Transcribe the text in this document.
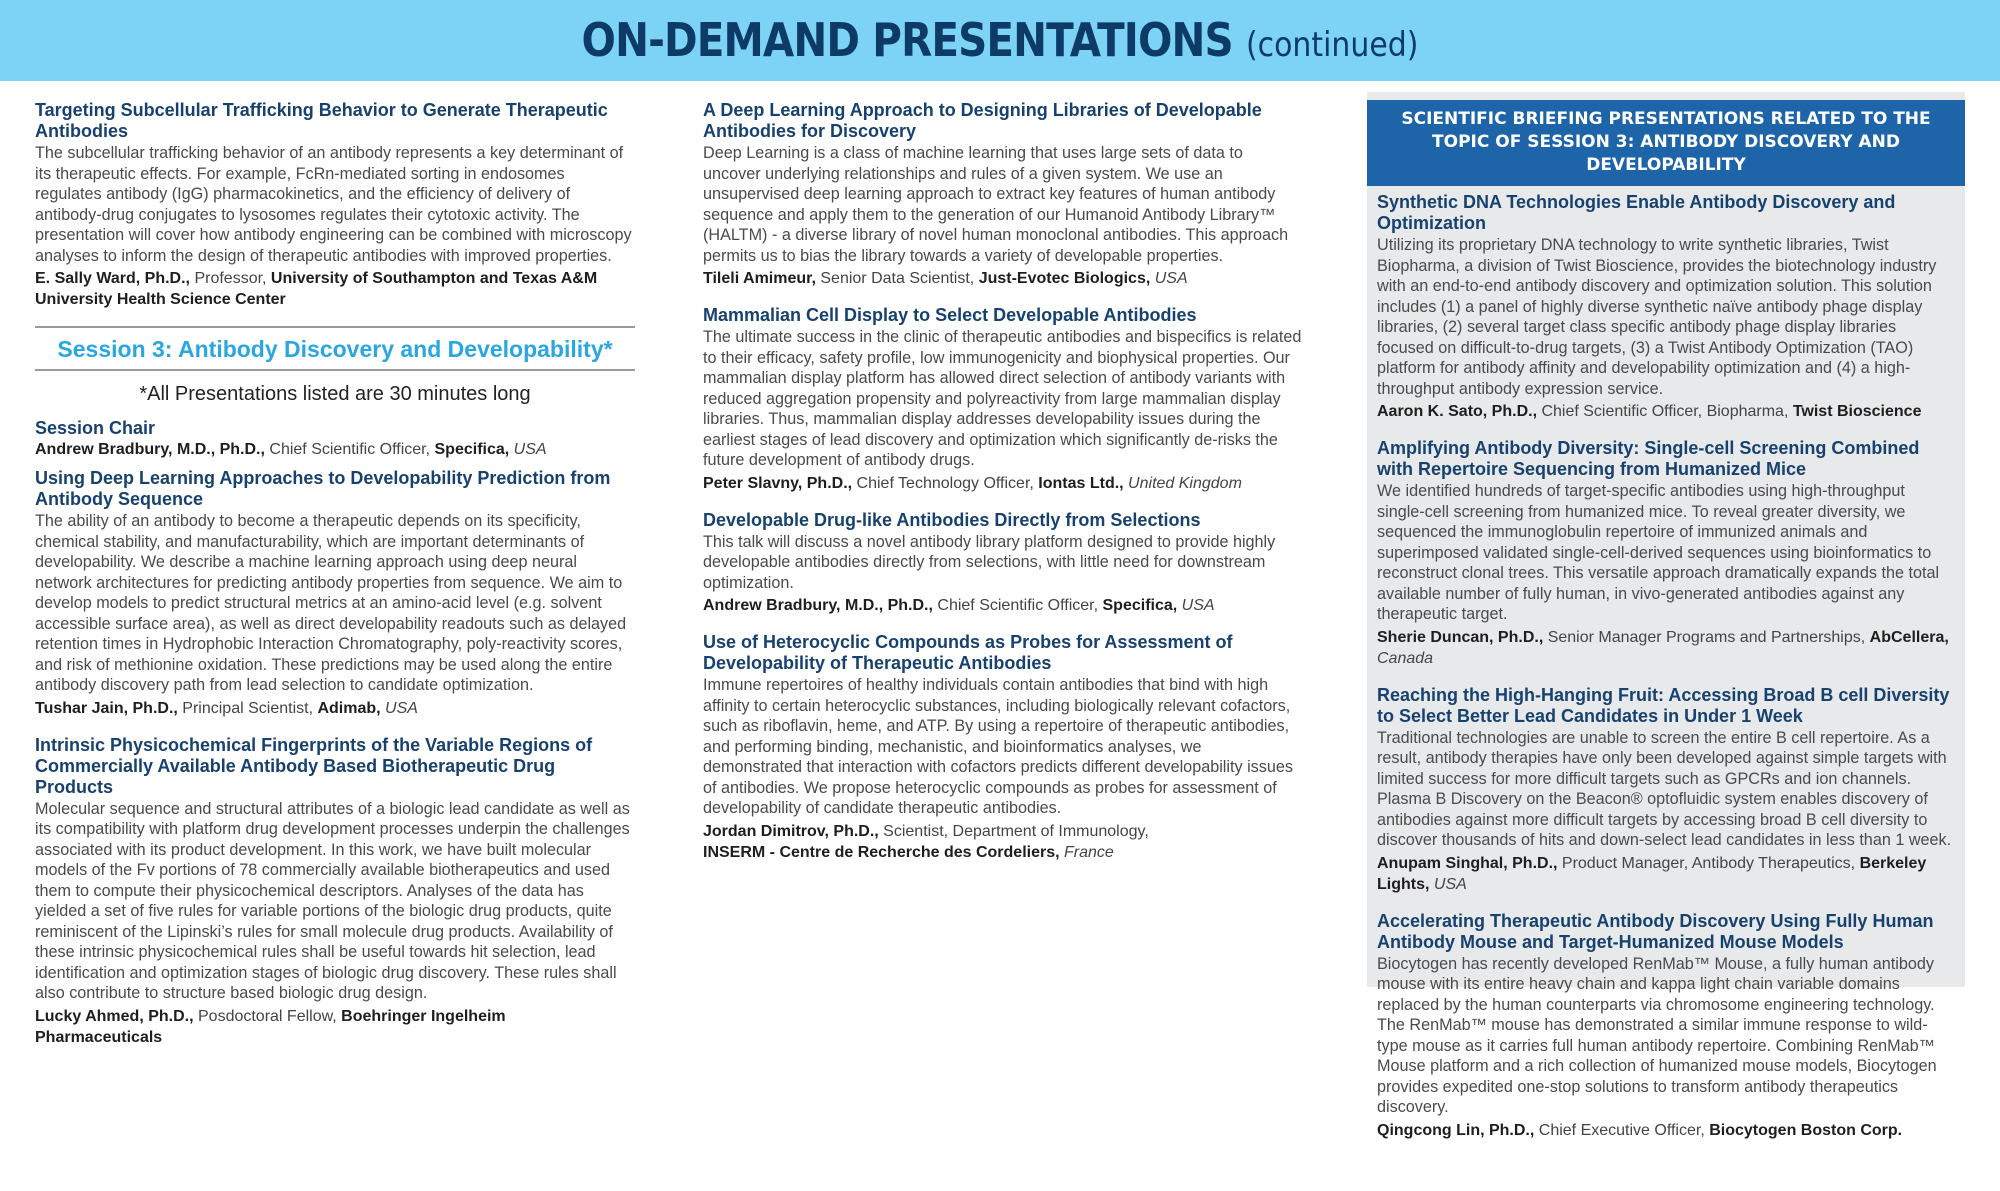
ON-DEMAND PRESENTATIONS (continued)
Targeting Subcellular Trafficking Behavior to Generate Therapeutic Antibodies
The subcellular trafficking behavior of an antibody represents a key determinant of its therapeutic effects. For example, FcRn-mediated sorting in endosomes regulates antibody (IgG) pharmacokinetics, and the efficiency of delivery of antibody-drug conjugates to lysosomes regulates their cytotoxic activity. The presentation will cover how antibody engineering can be combined with microscopy analyses to inform the design of therapeutic antibodies with improved properties.
E. Sally Ward, Ph.D., Professor, University of Southampton and Texas A&M University Health Science Center
Session 3: Antibody Discovery and Developability*
*All Presentations listed are 30 minutes long
Session Chair
Andrew Bradbury, M.D., Ph.D., Chief Scientific Officer, Specifica, USA
Using Deep Learning Approaches to Developability Prediction from Antibody Sequence
The ability of an antibody to become a therapeutic depends on its specificity, chemical stability, and manufacturability, which are important determinants of developability. We describe a machine learning approach using deep neural network architectures for predicting antibody properties from sequence. We aim to develop models to predict structural metrics at an amino-acid level (e.g. solvent accessible surface area), as well as direct developability readouts such as delayed retention times in Hydrophobic Interaction Chromatography, poly-reactivity scores, and risk of methionine oxidation. These predictions may be used along the entire antibody discovery path from lead selection to candidate optimization.
Tushar Jain, Ph.D., Principal Scientist, Adimab, USA
Intrinsic Physicochemical Fingerprints of the Variable Regions of Commercially Available Antibody Based Biotherapeutic Drug Products
Molecular sequence and structural attributes of a biologic lead candidate as well as its compatibility with platform drug development processes underpin the challenges associated with its product development. In this work, we have built molecular models of the Fv portions of 78 commercially available biotherapeutics and used them to compute their physicochemical descriptors. Analyses of the data has yielded a set of five rules for variable portions of the biologic drug products, quite reminiscent of the Lipinski’s rules for small molecule drug products. Availability of these intrinsic physicochemical rules shall be useful towards hit selection, lead identification and optimization stages of biologic drug discovery. These rules shall also contribute to structure based biologic drug design.
Lucky Ahmed, Ph.D., Posdoctoral Fellow, Boehringer Ingelheim Pharmaceuticals
A Deep Learning Approach to Designing Libraries of Developable Antibodies for Discovery
Deep Learning is a class of machine learning that uses large sets of data to uncover underlying relationships and rules of a given system. We use an unsupervised deep learning approach to extract key features of human antibody sequence and apply them to the generation of our Humanoid Antibody Library™ (HALTM) - a diverse library of novel human monoclonal antibodies. This approach permits us to bias the library towards a variety of developable properties.
Tileli Amimeur, Senior Data Scientist, Just-Evotec Biologics, USA
Mammalian Cell Display to Select Developable Antibodies
The ultimate success in the clinic of therapeutic antibodies and bispecifics is related to their efficacy, safety profile, low immunogenicity and biophysical properties. Our mammalian display platform has allowed direct selection of antibody variants with reduced aggregation propensity and polyreactivity from large mammalian display libraries. Thus, mammalian display addresses developability issues during the earliest stages of lead discovery and optimization which significantly de-risks the future development of antibody drugs.
Peter Slavny, Ph.D., Chief Technology Officer, Iontas Ltd., United Kingdom
Developable Drug-like Antibodies Directly from Selections
This talk will discuss a novel antibody library platform designed to provide highly developable antibodies directly from selections, with little need for downstream optimization.
Andrew Bradbury, M.D., Ph.D., Chief Scientific Officer, Specifica, USA
Use of Heterocyclic Compounds as Probes for Assessment of Developability of Therapeutic Antibodies
Immune repertoires of healthy individuals contain antibodies that bind with high affinity to certain heterocyclic substances, including biologically relevant cofactors, such as riboflavin, heme, and ATP. By using a repertoire of therapeutic antibodies, and performing binding, mechanistic, and bioinformatics analyses, we demonstrated that interaction with cofactors predicts different developability issues of antibodies. We propose heterocyclic compounds as probes for assessment of developability of candidate therapeutic antibodies.
Jordan Dimitrov, Ph.D., Scientist, Department of Immunology,
INSERM - Centre de Recherche des Cordeliers, France
SCIENTIFIC BRIEFING PRESENTATIONS RELATED TO THE TOPIC OF SESSION 3: ANTIBODY DISCOVERY AND DEVELOPABILITY
Synthetic DNA Technologies Enable Antibody Discovery and Optimization
Utilizing its proprietary DNA technology to write synthetic libraries, Twist Biopharma, a division of Twist Bioscience, provides the biotechnology industry with an end-to-end antibody discovery and optimization solution. This solution includes (1) a panel of highly diverse synthetic naïve antibody phage display libraries, (2) several target class specific antibody phage display libraries focused on difficult-to-drug targets, (3) a Twist Antibody Optimization (TAO) platform for antibody affinity and developability optimization and (4) a high-throughput antibody expression service.
Aaron K. Sato, Ph.D., Chief Scientific Officer, Biopharma, Twist Bioscience
Amplifying Antibody Diversity: Single-cell Screening Combined with Repertoire Sequencing from Humanized Mice
We identified hundreds of target-specific antibodies using high-throughput single-cell screening from humanized mice. To reveal greater diversity, we sequenced the immunoglobulin repertoire of immunized animals and superimposed validated single-cell-derived sequences using bioinformatics to reconstruct clonal trees. This versatile approach dramatically expands the total available number of fully human, in vivo-generated antibodies against any therapeutic target.
Sherie Duncan, Ph.D., Senior Manager Programs and Partnerships, AbCellera, Canada
Reaching the High-Hanging Fruit: Accessing Broad B cell Diversity to Select Better Lead Candidates in Under 1 Week
Traditional technologies are unable to screen the entire B cell repertoire. As a result, antibody therapies have only been developed against simple targets with limited success for more difficult targets such as GPCRs and ion channels. Plasma B Discovery on the Beacon® optofluidic system enables discovery of antibodies against more difficult targets by accessing broad B cell diversity to discover thousands of hits and down-select lead candidates in less than 1 week.
Anupam Singhal, Ph.D., Product Manager, Antibody Therapeutics, Berkeley Lights, USA
Accelerating Therapeutic Antibody Discovery Using Fully Human Antibody Mouse and Target-Humanized Mouse Models
Biocytogen has recently developed RenMab™ Mouse, a fully human antibody mouse with its entire heavy chain and kappa light chain variable domains replaced by the human counterparts via chromosome engineering technology. The RenMab™ mouse has demonstrated a similar immune response to wild-type mouse as it carries full human antibody repertoire. Combining RenMab™ Mouse platform and a rich collection of humanized mouse models, Biocytogen provides expedited one-stop solutions to transform antibody therapeutics discovery.
Qingcong Lin, Ph.D., Chief Executive Officer, Biocytogen Boston Corp.
